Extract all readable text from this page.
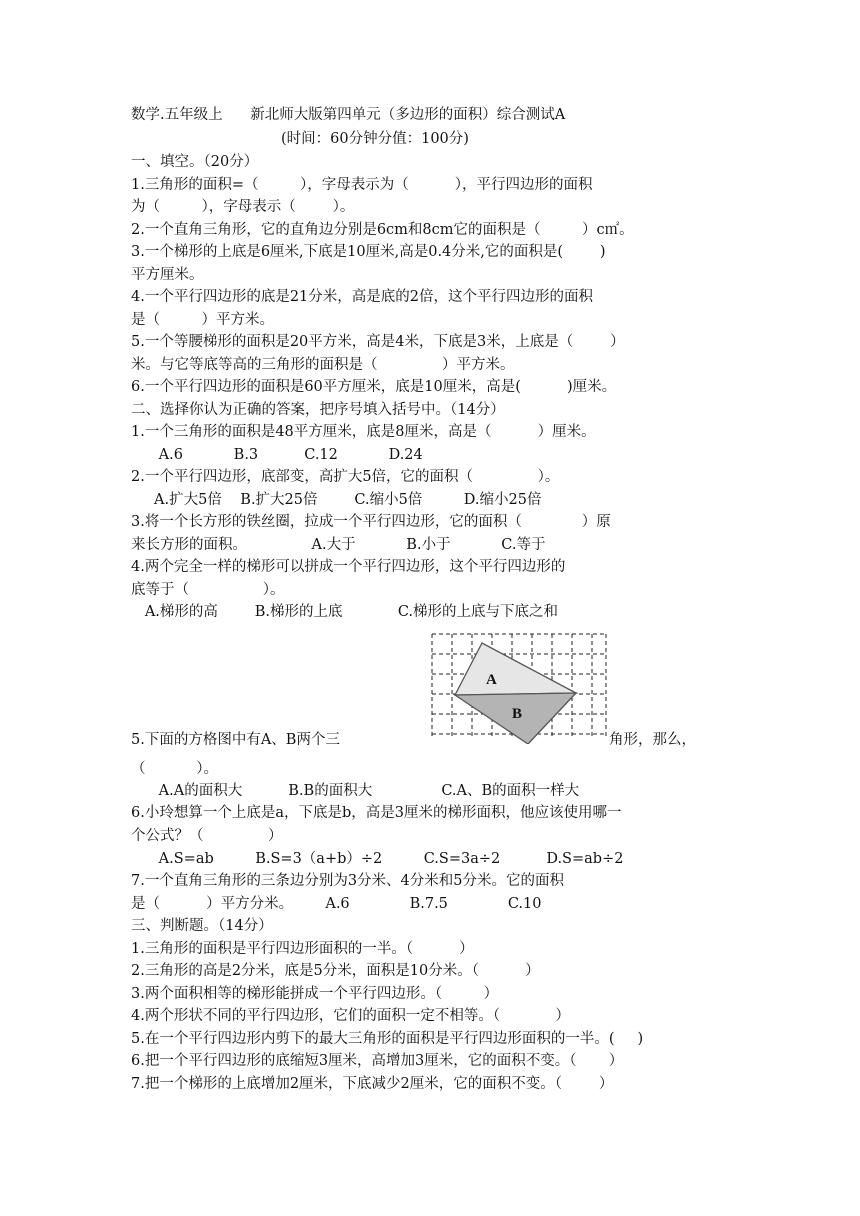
数学.五年级上      新北师大版第四单元（多边形的面积）综合测试A
(时间：60分钟分值：100分)
一、填空。（20分）
1.三角形的面积=（         ），字母表示为（          ），平行四边形的面积
为（         ），字母表示（        ）。
2.一个直角三角形，它的直角边分别是6cm和8cm它的面积是（         ）c㎡。
3.一个梯形的上底是6厘米,下底是10厘米,高是0.4分米,它的面积是(        )
平方厘米。
4.一个平行四边形的底是21分米，高是底的2倍，这个平行四边形的面积
是（         ）平方米。
5.一个等腰梯形的面积是20平方米，高是4米，下底是3米，上底是（        ）
米。与它等底等高的三角形的面积是（              ）平方米。
6.一个平行四边形的面积是60平方厘米，底是10厘米，高是(          )厘米。
二、选择你认为正确的答案，把序号填入括号中。（14分）
1.一个三角形的面积是48平方厘米，底是8厘米，高是（          ）厘米。
A.6           B.3          C.12           D.24
2.一个平行四边形，底部变，高扩大5倍，它的面积（              ）。
A.扩大5倍    B.扩大25倍        C.缩小5倍         D.缩小25倍
3.将一个长方形的铁丝圈，拉成一个平行四边形，它的面积（             ）原
来长方形的面积。              A.大于           B.小于           C.等于
4.两个完全一样的梯形可以拼成一个平行四边形，这个平行四边形的
底等于（                ）。
A.梯形的高        B.梯形的上底            C.梯形的上底与下底之和
A
B
5.下面的方格图中有A、B两个三	角形，那么，
（           ）。
A.A的面积大          B.B的面积大               C.A、B的面积一样大
6.小玲想算一个上底是a，下底是b，高是3厘米的梯形面积，他应该使用哪一
个公式？（              ）
A.S=ab         B.S=3（a+b）÷2         C.S=3a÷2          D.S=ab÷2
7.一个直角三角形的三条边分别为3分米、4分米和5分米。它的面积
是（          ）平方分米。       A.6             B.7.5             C.10
三、判断题。（14分）
1.三角形的面积是平行四边形面积的一半。（          ）
2.三角形的高是2分米，底是5分米，面积是10分米。（          ）
3.两个面积相等的梯形能拼成一个平行四边形。（         ）
4.两个形状不同的平行四边形，它们的面积一定不相等。（            ）
5.在一个平行四边形内剪下的最大三角形的面积是平行四边形面积的一半。(     )
6.把一个平行四边形的底缩短3厘米，高增加3厘米，它的面积不变。（       ）
7.把一个梯形的上底增加2厘米，下底减少2厘米，它的面积不变。（        ）
